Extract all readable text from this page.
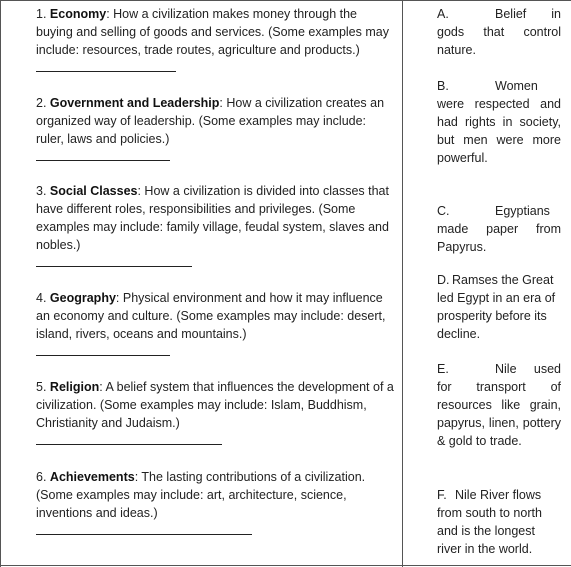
1. Economy: How a civilization makes money through the buying and selling of goods and services. (Some examples may include: resources, trade routes, agriculture and products.)

2. Government and Leadership: How a civilization creates an organized way of leadership. (Some examples may include: ruler, laws and policies.)

3. Social Classes: How a civilization is divided into classes that have different roles, responsibilities and privileges. (Some examples may include: family village, feudal system, slaves and nobles.)

4. Geography: Physical environment and how it may influence an economy and culture. (Some examples may include: desert, island, rivers, oceans and mountains.)

5. Religion: A belief system that influences the development of a civilization. (Some examples may include: Islam, Buddhism, Christianity and Judaism.)

6. Achievements: The lasting contributions of a civilization. (Some examples may include: art, architecture, science, inventions and ideas.)

A.	Belief in gods that control nature.

B.	Women were respected and had rights in society, but men were more powerful.

C.	Egyptians made paper from Papyrus.

D. Ramses the Great led Egypt in an era of prosperity before its decline.

E.	Nile used for transport of resources like grain, papyrus, linen, pottery & gold to trade.

F. Nile River flows from south to north and is the longest river in the world.
